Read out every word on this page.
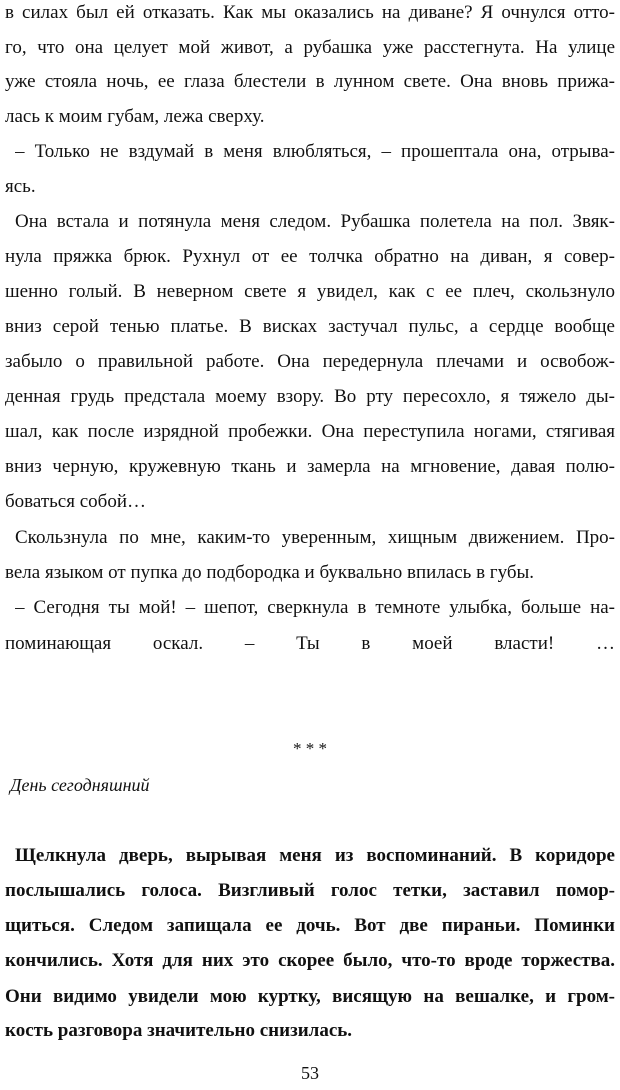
в силах был ей отказать. Как мы оказались на диване? Я очнулся отто-
го, что она целует мой живот, а рубашка уже расстегнута. На улице
уже стояла ночь, ее глаза блестели в лунном свете. Она вновь прижа-
лась к моим губам, лежа сверху.
– Только не вздумай в меня влюбляться, – прошептала она, отрыва-
ясь.
Она встала и потянула меня следом. Рубашка полетела на пол. Звяк-
нула пряжка брюк. Рухнул от ее толчка обратно на диван, я совер-
шенно голый. В неверном свете я увидел, как с ее плеч, скользнуло
вниз серой тенью платье. В висках застучал пульс, а сердце вообще
забыло о правильной работе. Она передернула плечами и освобож-
денная грудь предстала моему взору. Во рту пересохло, я тяжело ды-
шал, как после изрядной пробежки. Она переступила ногами, стягивая
вниз черную, кружевную ткань и замерла на мгновение, давая полю-
боваться собой…
Скользнула по мне, каким-то уверенным, хищным движением. Про-
вела языком от пупка до подбородка и буквально впилась в губы.
– Сегодня ты мой! – шепот, сверкнула в темноте улыбка, больше на-
поминающая оскал. – Ты в моей власти! …
* * *
День сегодняшний
Щелкнула дверь, вырывая меня из воспоминаний. В коридоре
послышались голоса. Визгливый голос тетки, заставил помор-
щиться. Следом запищала ее дочь. Вот две пираньи. Поминки
кончились. Хотя для них это скорее было, что-то вроде торжества.
Они видимо увидели мою куртку, висящую на вешалке, и гром-
кость разговора значительно снизилась.
53
